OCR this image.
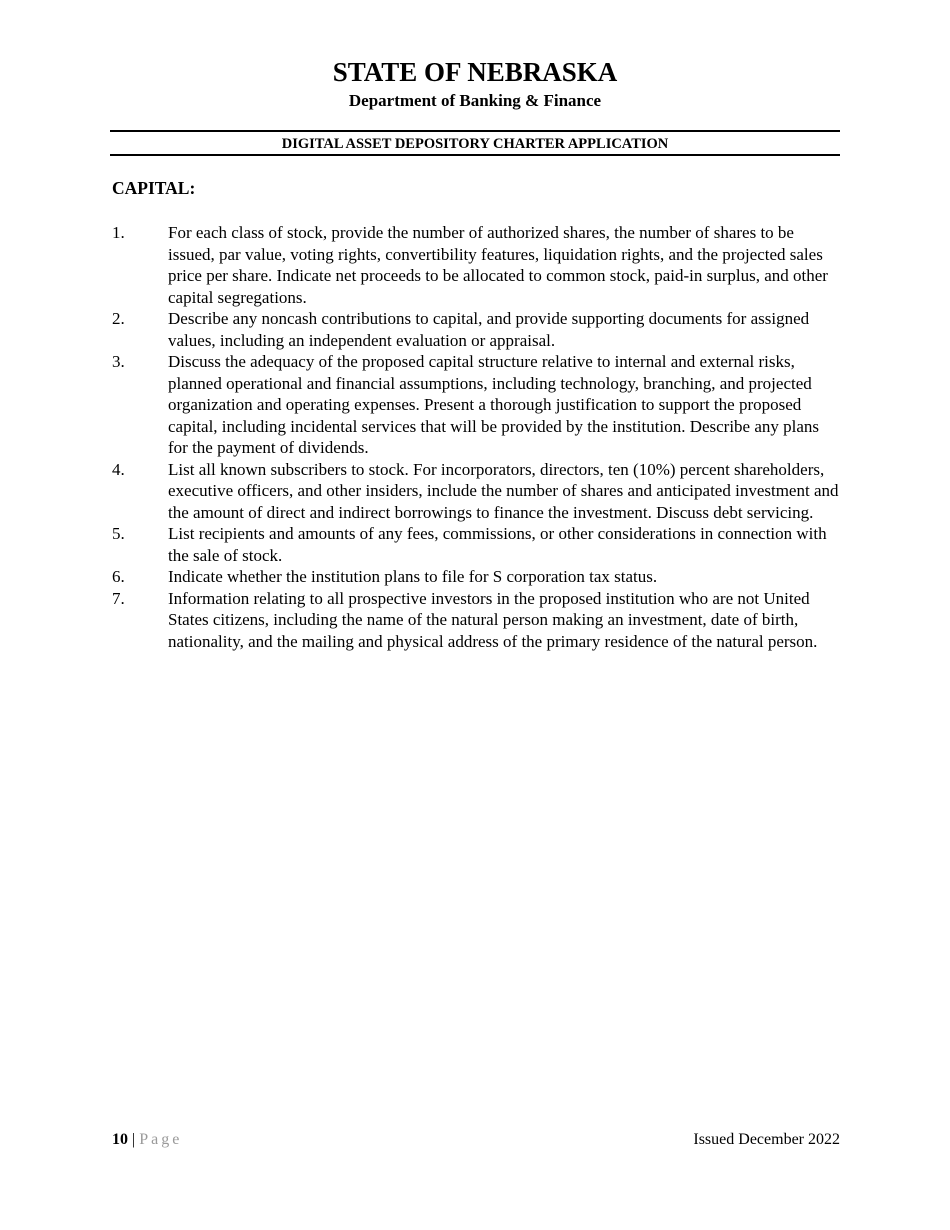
STATE OF NEBRASKA
Department of Banking & Finance
DIGITAL ASSET DEPOSITORY CHARTER APPLICATION
CAPITAL:
1.	For each class of stock, provide the number of authorized shares, the number of shares to be issued, par value, voting rights, convertibility features, liquidation rights, and the projected sales price per share. Indicate net proceeds to be allocated to common stock, paid-in surplus, and other capital segregations.
2.	Describe any noncash contributions to capital, and provide supporting documents for assigned values, including an independent evaluation or appraisal.
3.	Discuss the adequacy of the proposed capital structure relative to internal and external risks, planned operational and financial assumptions, including technology, branching, and projected organization and operating expenses. Present a thorough justification to support the proposed capital, including incidental services that will be provided by the institution. Describe any plans for the payment of dividends.
4.	List all known subscribers to stock. For incorporators, directors, ten (10%) percent shareholders, executive officers, and other insiders, include the number of shares and anticipated investment and the amount of direct and indirect borrowings to finance the investment. Discuss debt servicing.
5.	List recipients and amounts of any fees, commissions, or other considerations in connection with the sale of stock.
6.	Indicate whether the institution plans to file for S corporation tax status.
7.	Information relating to all prospective investors in the proposed institution who are not United States citizens, including the name of the natural person making an investment, date of birth, nationality, and the mailing and physical address of the primary residence of the natural person.
10 | Page	Issued December 2022
